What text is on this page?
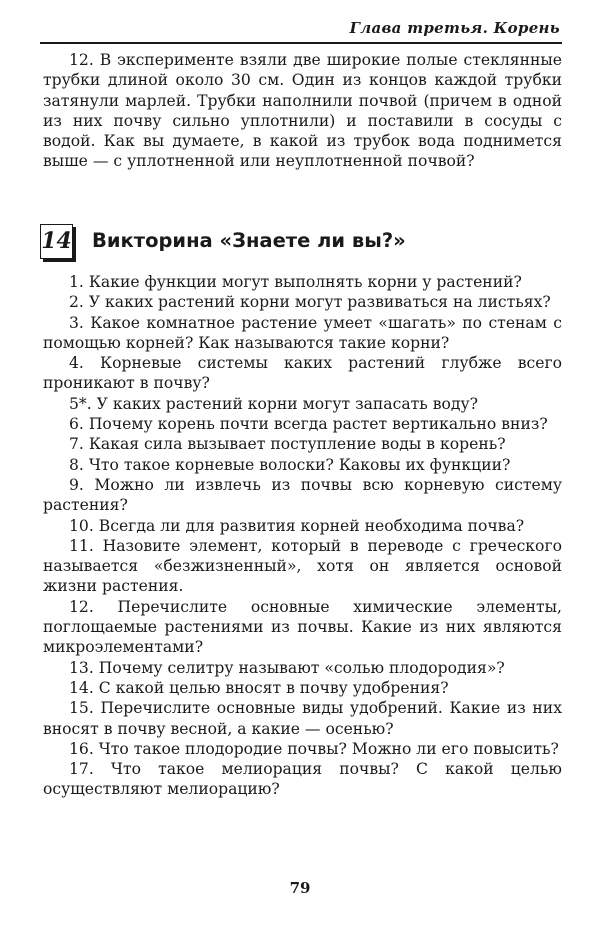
Глава третья. Корень

12. В эксперименте взяли две широкие полые стеклянные трубки длиной около 30 см. Один из концов каждой трубки затянули марлей. Трубки наполнили почвой (причем в одной из них почву сильно уплотнили) и поставили в сосуды с водой. Как вы думаете, в какой из трубок вода поднимется выше — с уплотненной или неуплотненной почвой?

14 Викторина «Знаете ли вы?»

1. Какие функции могут выполнять корни у растений?

2. У каких растений корни могут развиваться на листьях?

3. Какое комнатное растение умеет «шагать» по стенам с помощью корней? Как называются такие корни?

4. Корневые системы каких растений глубже всего проникают в почву?

5*. У каких растений корни могут запасать воду?

6. Почему корень почти всегда растет вертикально вниз?

7. Какая сила вызывает поступление воды в корень?

8. Что такое корневые волоски? Каковы их функции?

9. Можно ли извлечь из почвы всю корневую систему растения?

10. Всегда ли для развития корней необходима почва?

11. Назовите элемент, который в переводе с греческого называется «безжизненный», хотя он является основой жизни растения.

12. Перечислите основные химические элементы, поглощаемые растениями из почвы. Какие из них являются микроэлементами?

13. Почему селитру называют «солью плодородия»?

14. С какой целью вносят в почву удобрения?

15. Перечислите основные виды удобрений. Какие из них вносят в почву весной, а какие — осенью?

16. Что такое плодородие почвы? Можно ли его повысить?

17. Что такое мелиорация почвы? С какой целью осуществляют мелиорацию?

79
